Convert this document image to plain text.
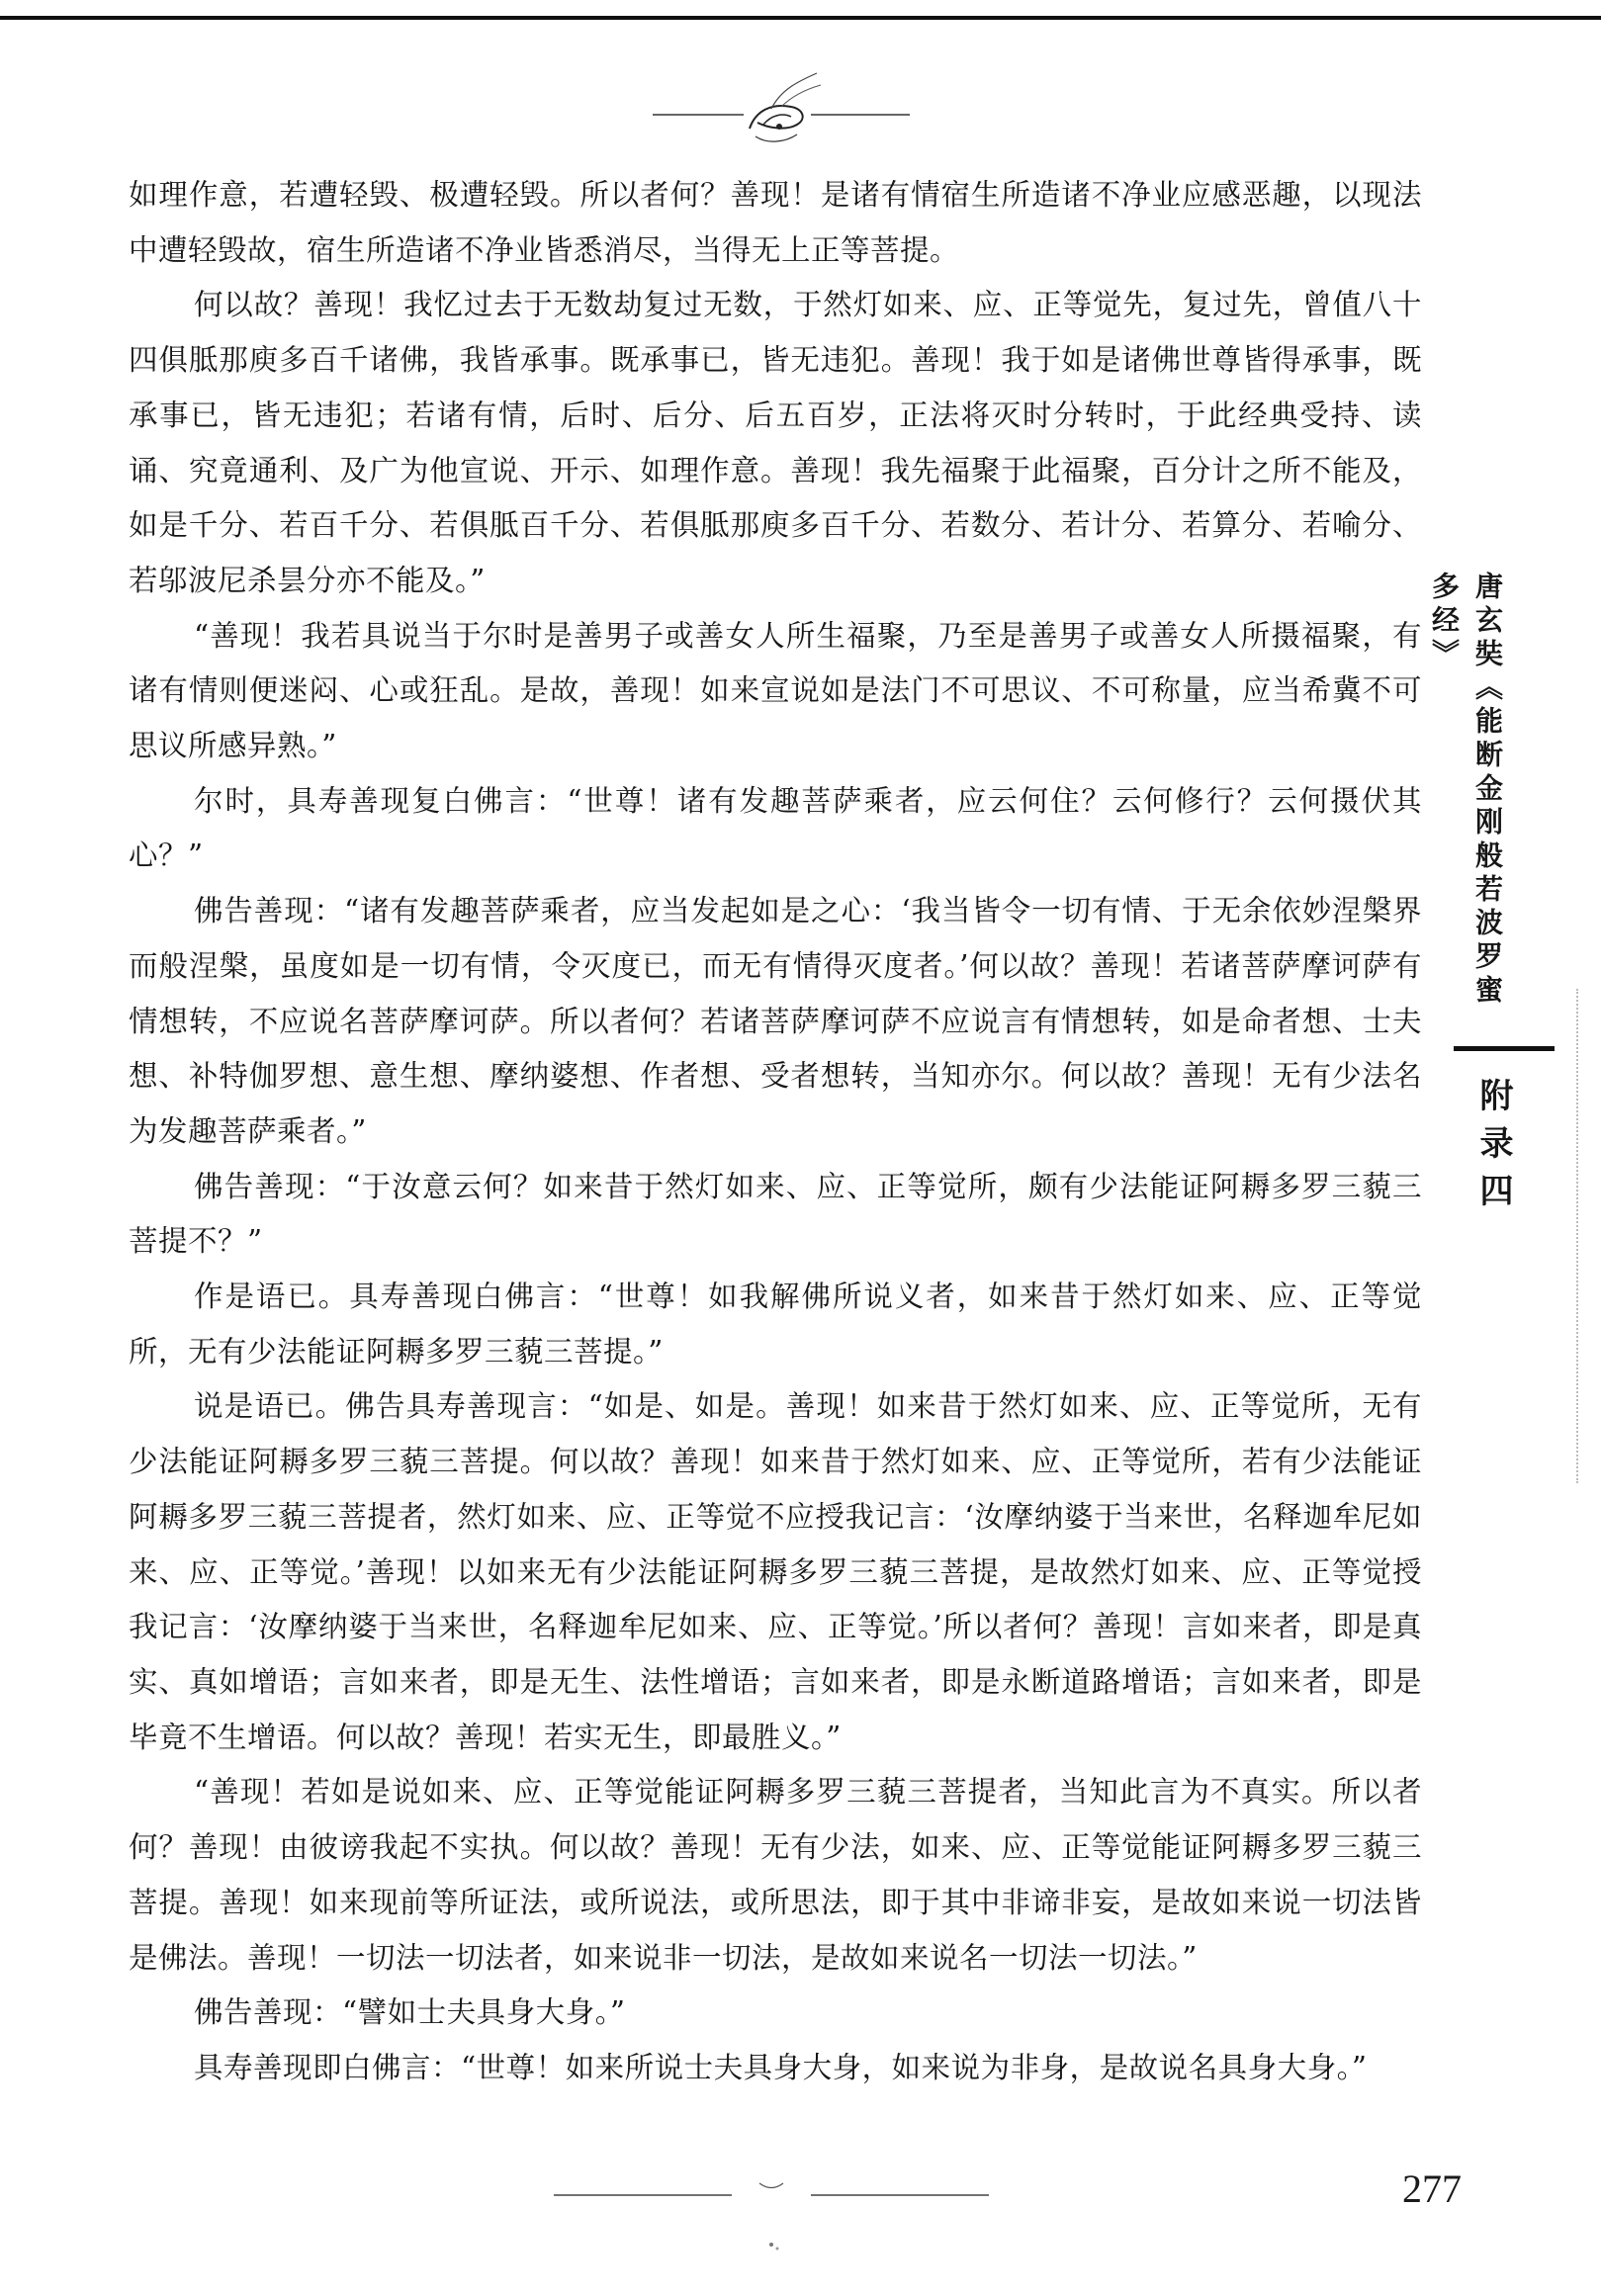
如理作意，若遭轻毁、极遭轻毁。所以者何？善现！是诸有情宿生所造诸不净业应感恶趣，以现法中遭轻毁故，宿生所造诸不净业皆悉消尽，当得无上正等菩提。

何以故？善现！我忆过去于无数劫复过无数，于然灯如来、应、正等觉先，复过先，曾值八十四俱胝那庾多百千诸佛，我皆承事。既承事已，皆无违犯。善现！我于如是诸佛世尊皆得承事，既承事已，皆无违犯；若诸有情，后时、后分、后五百岁，正法将灭时分转时，于此经典受持、读诵、究竟通利、及广为他宣说、开示、如理作意。善现！我先福聚于此福聚，百分计之所不能及，如是千分、若百千分、若俱胝百千分、若俱胝那庾多百千分、若数分、若计分、若算分、若喻分、若邬波尼杀昙分亦不能及。”

“善现！我若具说当于尔时是善男子或善女人所生福聚，乃至是善男子或善女人所摄福聚，有诸有情则便迷闷、心或狂乱。是故，善现！如来宣说如是法门不可思议、不可称量，应当希冀不可思议所感异熟。”

尔时，具寿善现复白佛言：“世尊！诸有发趣菩萨乘者，应云何住？云何修行？云何摄伏其心？”

佛告善现：“诸有发趣菩萨乘者，应当发起如是之心：‘我当皆令一切有情、于无余依妙涅槃界而般涅槃，虽度如是一切有情，令灭度已，而无有情得灭度者。’何以故？善现！若诸菩萨摩诃萨有情想转，不应说名菩萨摩诃萨。所以者何？若诸菩萨摩诃萨不应说言有情想转，如是命者想、士夫想、补特伽罗想、意生想、摩纳婆想、作者想、受者想转，当知亦尔。何以故？善现！无有少法名为发趣菩萨乘者。”

佛告善现：“于汝意云何？如来昔于然灯如来、应、正等觉所，颇有少法能证阿耨多罗三藐三菩提不？”

作是语已。具寿善现白佛言：“世尊！如我解佛所说义者，如来昔于然灯如来、应、正等觉所，无有少法能证阿耨多罗三藐三菩提。”

说是语已。佛告具寿善现言：“如是、如是。善现！如来昔于然灯如来、应、正等觉所，无有少法能证阿耨多罗三藐三菩提。何以故？善现！如来昔于然灯如来、应、正等觉所，若有少法能证阿耨多罗三藐三菩提者，然灯如来、应、正等觉不应授我记言：‘汝摩纳婆于当来世，名释迦牟尼如来、应、正等觉。’善现！以如来无有少法能证阿耨多罗三藐三菩提，是故然灯如来、应、正等觉授我记言：‘汝摩纳婆于当来世，名释迦牟尼如来、应、正等觉。’所以者何？善现！言如来者，即是真实、真如增语；言如来者，即是无生、法性增语；言如来者，即是永断道路增语；言如来者，即是毕竟不生增语。何以故？善现！若实无生，即最胜义。”

“善现！若如是说如来、应、正等觉能证阿耨多罗三藐三菩提者，当知此言为不真实。所以者何？善现！由彼谤我起不实执。何以故？善现！无有少法，如来、应、正等觉能证阿耨多罗三藐三菩提。善现！如来现前等所证法，或所说法，或所思法，即于其中非谛非妄，是故如来说一切法皆是佛法。善现！一切法一切法者，如来说非一切法，是故如来说名一切法一切法。”

佛告善现：“譬如士夫具身大身。”

具寿善现即白佛言：“世尊！如来所说士夫具身大身，如来说为非身，是故说名具身大身。”

唐玄奘《能断金刚般若波罗蜜多经》
附录四
277
